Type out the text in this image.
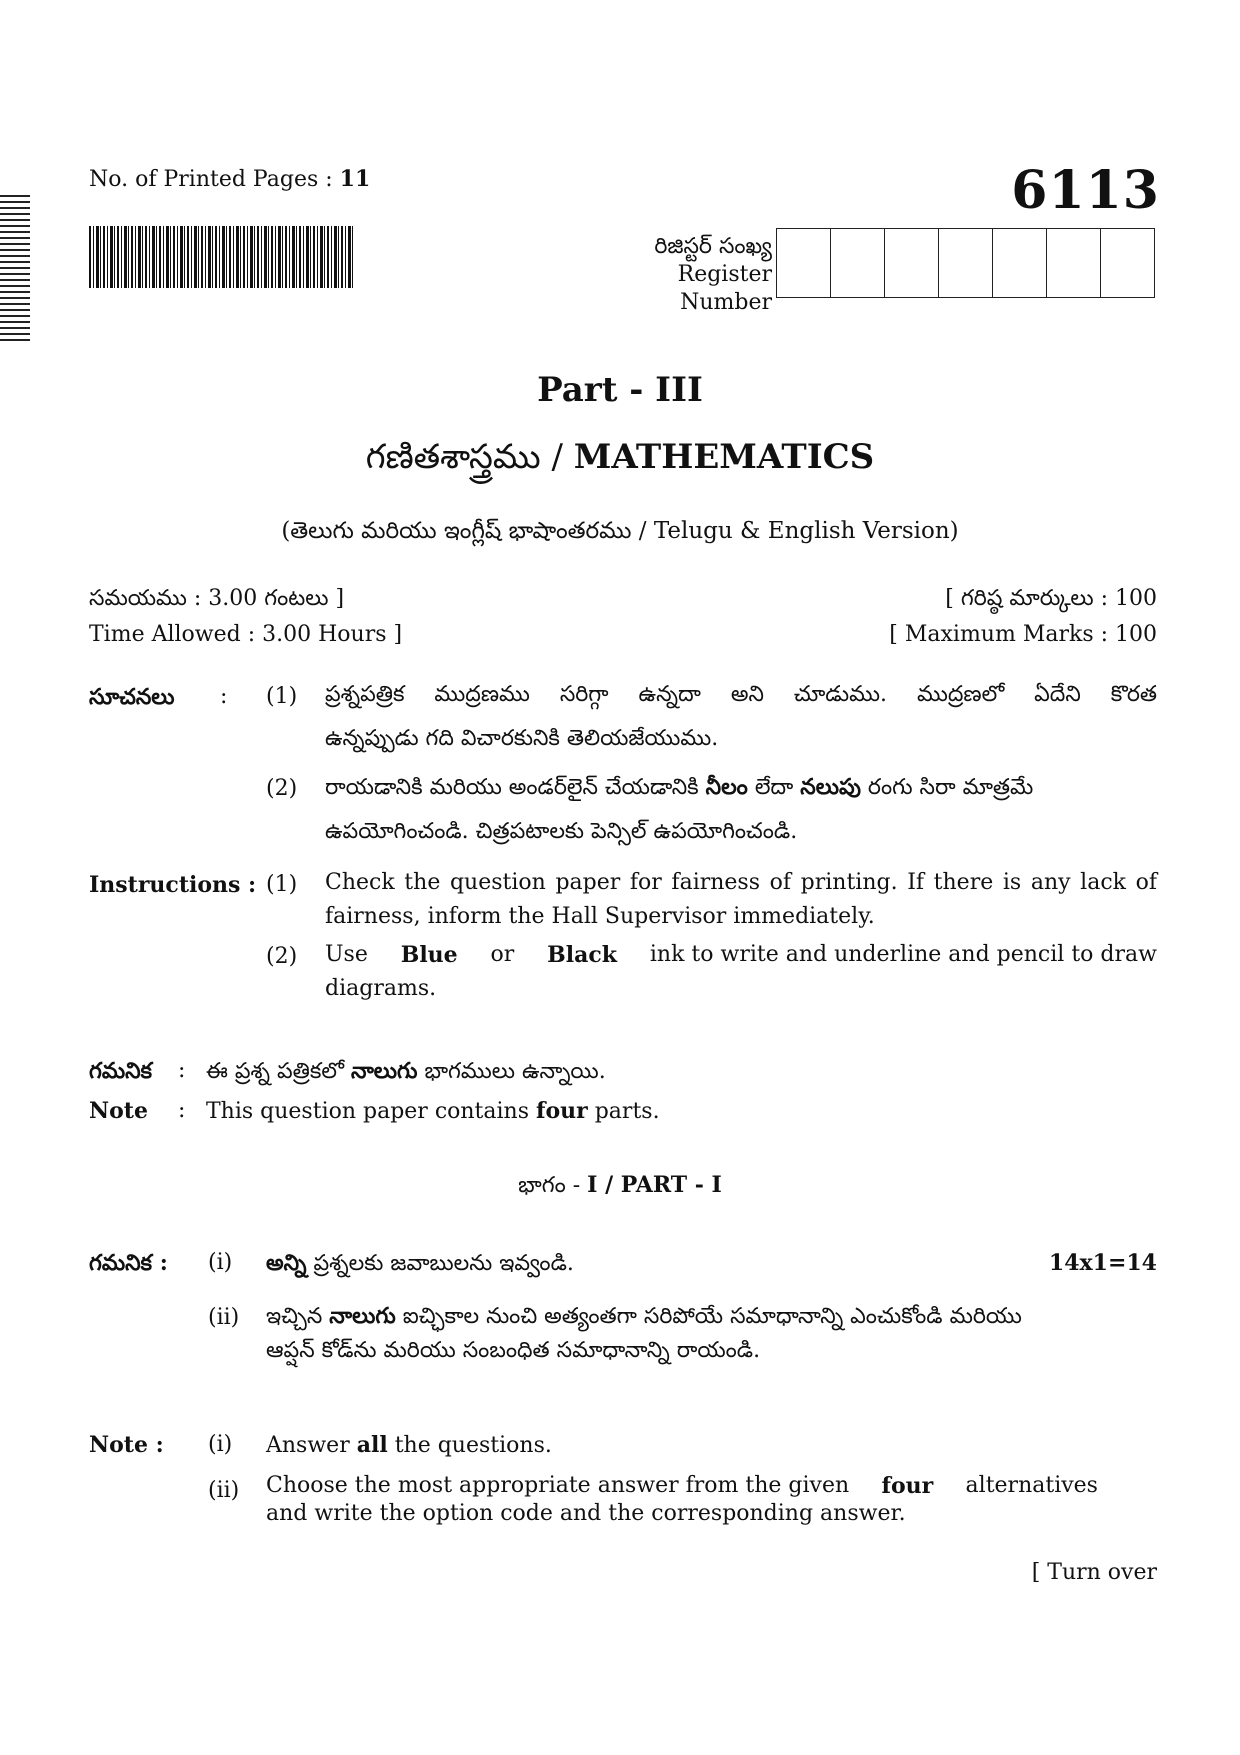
No. of Printed Pages : 11	6113
రిజిస్టర్ సంఖ్య
Register
Number
Part - III
గణితశాస్త్రము / MATHEMATICS
(తెలుగు మరియు ఇంగ్లీష్ భాషాంతరము / Telugu & English Version)
సమయము : 3.00 గంటలు ]	[ గరిష్ఠ మార్కులు : 100
Time Allowed : 3.00 Hours ]	[ Maximum Marks : 100
సూచనలు : (1) ప్రశ్నపత్రిక ముద్రణము సరిగ్గా ఉన్నదా అని చూడుము. ముద్రణలో ఏదేని కొరత
ఉన్నప్పుడు గది విచారకునికి తెలియజేయుము.
(2) రాయడానికి మరియు అండర్‌లైన్ చేయడానికి నీలం లేదా నలుపు రంగు సిరా మాత్రమే
ఉపయోగించండి. చిత్రపటాలకు పెన్సిల్ ఉపయోగించండి.
Instructions : (1) Check the question paper for fairness of printing. If there is any lack of
fairness, inform the Hall Supervisor immediately.
(2) Use Blue or Black ink to write and underline and pencil to draw
diagrams.
గమనిక : ఈ ప్రశ్న పత్రికలో నాలుగు భాగములు ఉన్నాయి.
Note : This question paper contains four parts.
భాగం - I / PART - I
గమనిక : (i) అన్ని ప్రశ్నలకు జవాబులను ఇవ్వండి.	14x1=14
(ii) ఇచ్చిన నాలుగు ఐచ్ఛికాల నుంచి అత్యంతగా సరిపోయే సమాధానాన్ని ఎంచుకోండి మరియు
ఆప్షన్ కోడ్‌ను మరియు సంబంధిత సమాధానాన్ని రాయండి.
Note : (i) Answer all the questions.
(ii) Choose the most appropriate answer from the given four alternatives
and write the option code and the corresponding answer.
[ Turn over
